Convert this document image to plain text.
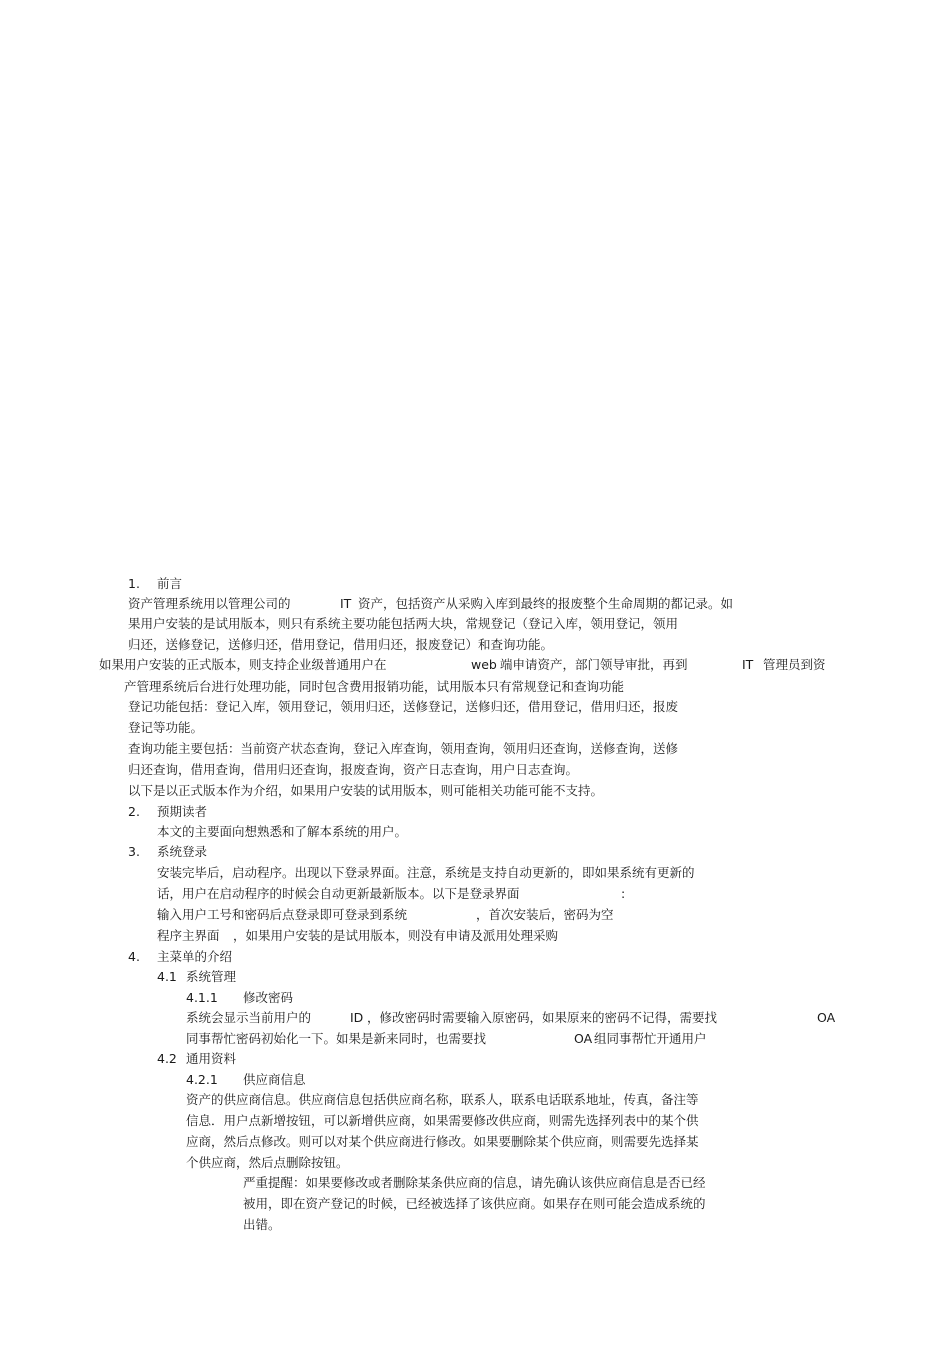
1. 前言
资产管理系统用以管理公司的	IT 资产，包括资产从采购入库到最终的报废整个生命周期的都记录。如
果用户安装的是试用版本，则只有系统主要功能包括两大块，常规登记（登记入库，领用登记，领用
归还，送修登记，送修归还，借用登记，借用归还，报废登记）和查询功能。
如果用户安装的正式版本，则支持企业级普通用户在	web 端申请资产，部门领导审批，再到	IT 管理员到资
产管理系统后台进行处理功能，同时包含费用报销功能，试用版本只有常规登记和查询功能
登记功能包括：登记入库，领用登记，领用归还，送修登记，送修归还，借用登记，借用归还，报废
登记等功能。
查询功能主要包括：当前资产状态查询，登记入库查询，领用查询，领用归还查询，送修查询，送修
归还查询，借用查询，借用归还查询，报废查询，资产日志查询，用户日志查询。
以下是以正式版本作为介绍，如果用户安装的试用版本，则可能相关功能可能不支持。
2. 预期读者
本文的主要面向想熟悉和了解本系统的用户。
3. 系统登录
安装完毕后，启动程序。出现以下登录界面。注意，系统是支持自动更新的，即如果系统有更新的
话，用户在启动程序的时候会自动更新最新版本。以下是登录界面	:
输入用户工号和密码后点登录即可登录到系统	，首次安装后，密码为空
程序主界面 ，如果用户安装的是试用版本，则没有申请及派用处理采购
4. 主菜单的介绍
4.1 系统管理
4.1.1 修改密码
系统会显示当前用户的	ID ，修改密码时需要输入原密码，如果原来的密码不记得，需要找	OA
同事帮忙密码初始化一下。如果是新来同时，也需要找	OA 组同事帮忙开通用户
4.2 通用资料
4.2.1 供应商信息
资产的供应商信息。供应商信息包括供应商名称，联系人，联系电话联系地址，传真，备注等
信息．用户点新增按钮，可以新增供应商，如果需要修改供应商，则需先选择列表中的某个供
应商，然后点修改。则可以对某个供应商进行修改。如果要删除某个供应商，则需要先选择某
个供应商，然后点删除按钮。
严重提醒：如果要修改或者删除某条供应商的信息，请先确认该供应商信息是否已经
被用，即在资产登记的时候，已经被选择了该供应商。如果存在则可能会造成系统的
出错。
